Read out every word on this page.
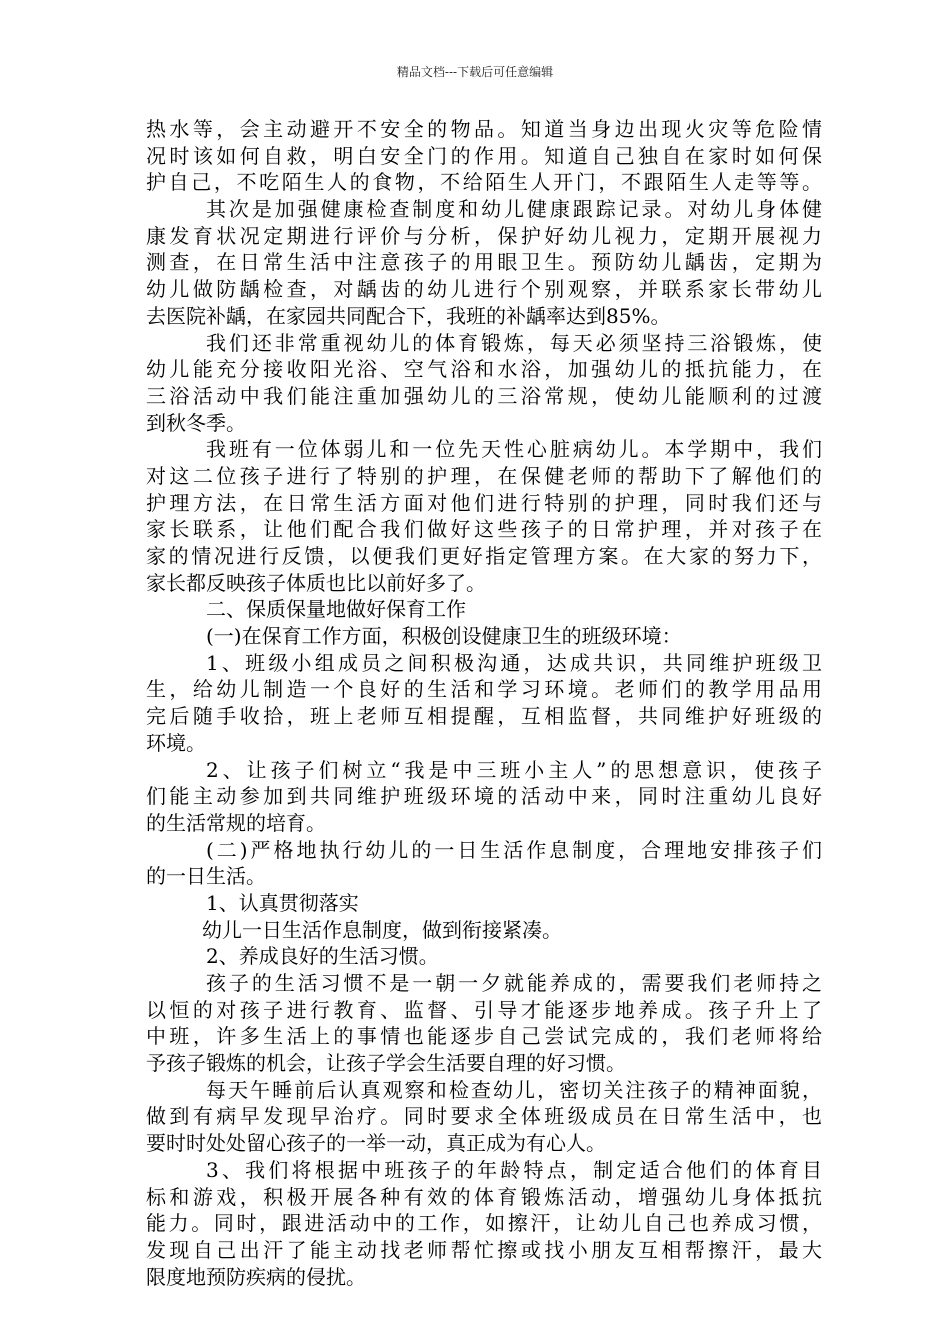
精品文档---下载后可任意编辑
热水等，会主动避开不安全的物品。知道当身边出现火灾等危险情
况时该如何自救，明白安全门的作用。知道自己独自在家时如何保
护自己，不吃陌生人的食物，不给陌生人开门，不跟陌生人走等等。
其次是加强健康检查制度和幼儿健康跟踪记录。对幼儿身体健
康发育状况定期进行评价与分析，保护好幼儿视力，定期开展视力
测查，在日常生活中注意孩子的用眼卫生。预防幼儿龋齿，定期为
幼儿做防龋检查，对龋齿的幼儿进行个别观察，并联系家长带幼儿
去医院补龋，在家园共同配合下，我班的补龋率达到85%。
我们还非常重视幼儿的体育锻炼，每天必须坚持三浴锻炼，使
幼儿能充分接收阳光浴、空气浴和水浴，加强幼儿的抵抗能力，在
三浴活动中我们能注重加强幼儿的三浴常规，使幼儿能顺利的过渡
到秋冬季。
我班有一位体弱儿和一位先天性心脏病幼儿。本学期中，我们
对这二位孩子进行了特别的护理，在保健老师的帮助下了解他们的
护理方法，在日常生活方面对他们进行特别的护理，同时我们还与
家长联系，让他们配合我们做好这些孩子的日常护理，并对孩子在
家的情况进行反馈，以便我们更好指定管理方案。在大家的努力下，
家长都反映孩子体质也比以前好多了。
二、保质保量地做好保育工作
(一)在保育工作方面，积极创设健康卫生的班级环境：
1、班级小组成员之间积极沟通，达成共识，共同维护班级卫
生，给幼儿制造一个良好的生活和学习环境。老师们的教学用品用
完后随手收拾，班上老师互相提醒，互相监督，共同维护好班级的
环境。
2、让孩子们树立“我是中三班小主人”的思想意识，使孩子
们能主动参加到共同维护班级环境的活动中来，同时注重幼儿良好
的生活常规的培育。
(二)严格地执行幼儿的一日生活作息制度，合理地安排孩子们
的一日生活。
1、认真贯彻落实
幼儿一日生活作息制度，做到衔接紧凑。
2、养成良好的生活习惯。
孩子的生活习惯不是一朝一夕就能养成的，需要我们老师持之
以恒的对孩子进行教育、监督、引导才能逐步地养成。孩子升上了
中班，许多生活上的事情也能逐步自己尝试完成的，我们老师将给
予孩子锻炼的机会，让孩子学会生活要自理的好习惯。
每天午睡前后认真观察和检查幼儿，密切关注孩子的精神面貌，
做到有病早发现早治疗。同时要求全体班级成员在日常生活中，也
要时时处处留心孩子的一举一动，真正成为有心人。
3、我们将根据中班孩子的年龄特点，制定适合他们的体育目
标和游戏，积极开展各种有效的体育锻炼活动，增强幼儿身体抵抗
能力。同时，跟进活动中的工作，如擦汗，让幼儿自己也养成习惯，
发现自己出汗了能主动找老师帮忙擦或找小朋友互相帮擦汗，最大
限度地预防疾病的侵扰。
